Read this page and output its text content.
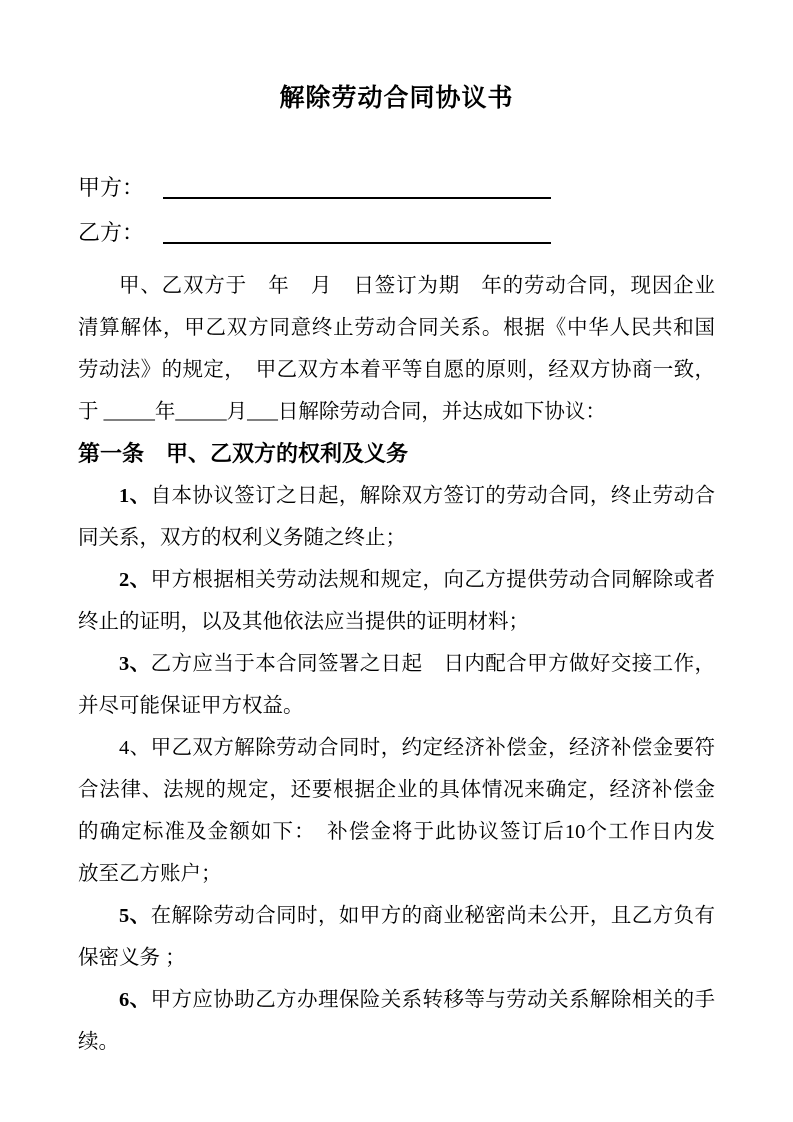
解除劳动合同协议书
甲方：
乙方：
甲、乙双方于　年　月　日签订为期　年的劳动合同，现因企业
清算解体，甲乙双方同意终止劳动合同关系。根据《中华人民共和国
劳动法》的规定，　甲乙双方本着平等自愿的原则，经双方协商一致，
于 _____年_____月___日解除劳动合同，并达成如下协议：
第一条　甲、乙双方的权利及义务
1、自本协议签订之日起，解除双方签订的劳动合同，终止劳动合
同关系，双方的权利义务随之终止；
2、甲方根据相关劳动法规和规定，向乙方提供劳动合同解除或者
终止的证明，以及其他依法应当提供的证明材料；
3、乙方应当于本合同签署之日起　日内配合甲方做好交接工作，
并尽可能保证甲方权益。
4、甲乙双方解除劳动合同时，约定经济补偿金，经济补偿金要符
合法律、法规的规定，还要根据企业的具体情况来确定，经济补偿金
的确定标准及金额如下：　补偿金将于此协议签订后10个工作日内发
放至乙方账户；
5、在解除劳动合同时，如甲方的商业秘密尚未公开，且乙方负有
保密义务 ；
6、甲方应协助乙方办理保险关系转移等与劳动关系解除相关的手
续。
